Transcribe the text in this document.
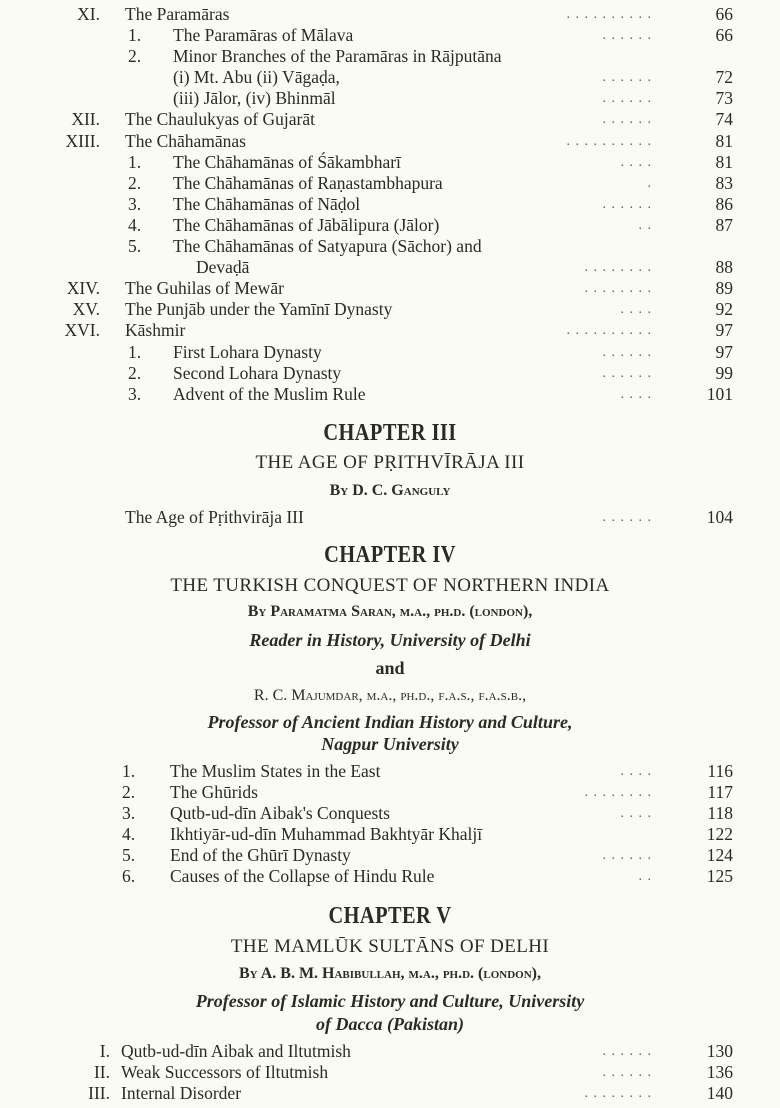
XI. The Paramāras	. . . . . . . . . .	66
1. The Paramāras of Mālava	. . . . . .	66
2. Minor Branches of the Paramāras in Rājputāna
(i) Mt. Abu (ii) Vāgaḍa,	. . . . . .	72
(iii) Jālor, (iv) Bhinmāl	. . . . . .	73
XII. The Chaulukyas of Gujarāt	. . . . . .	74
XIII. The Chāhamānas	. . . . . . . . . .	81
1. The Chāhamānas of Śākambharī	. . . .	81
2. The Chāhamānas of Raṇastambhapura	.	83
3. The Chāhamānas of Nāḍol	. . . . . .	86
4. The Chāhamānas of Jābālipura (Jālor)	. .	87
5. The Chāhamānas of Satyapura (Sāchor) and
Devaḍā	. . . . . . . .	88
XIV. The Guhilas of Mewār	. . . . . . . .	89
XV. The Punjāb under the Yamīnī Dynasty	. . . .	92
XVI. Kāshmir	. . . . . . . . . .	97
1. First Lohara Dynasty	. . . . . .	97
2. Second Lohara Dynasty	. . . . . .	99
3. Advent of the Muslim Rule	. . . .	101
CHAPTER III
THE AGE OF PṚITHVĪRĀJA III
By D. C. Ganguly
The Age of Pṛithvirāja III	. . . . . .	104
CHAPTER IV
THE TURKISH CONQUEST OF NORTHERN INDIA
By Paramatma Saran, m.a., ph.d. (london),
Reader in History, University of Delhi
and
R. C. Majumdar, m.a., ph.d., f.a.s., f.a.s.b.,
Professor of Ancient Indian History and Culture,
Nagpur University
1. The Muslim States in the East	. . . .	116
2. The Ghūrids	. . . . . . . .	117
3. Qutb-ud-dīn Aibak's Conquests	. . . .	118
4. Ikhtiyār-ud-dīn Muhammad Bakhtyār Khaljī	122
5. End of the Ghūrī Dynasty	. . . . . .	124
6. Causes of the Collapse of Hindu Rule	. .	125
CHAPTER V
THE MAMLŪK SULTĀNS OF DELHI
By A. B. M. Habibullah, m.a., ph.d. (london),
Professor of Islamic History and Culture, University
of Dacca (Pakistan)
I. Qutb-ud-dīn Aibak and Iltutmish	. . . . . .	130
II. Weak Successors of Iltutmish	. . . . . .	136
III. Internal Disorder	. . . . . . . .	140
